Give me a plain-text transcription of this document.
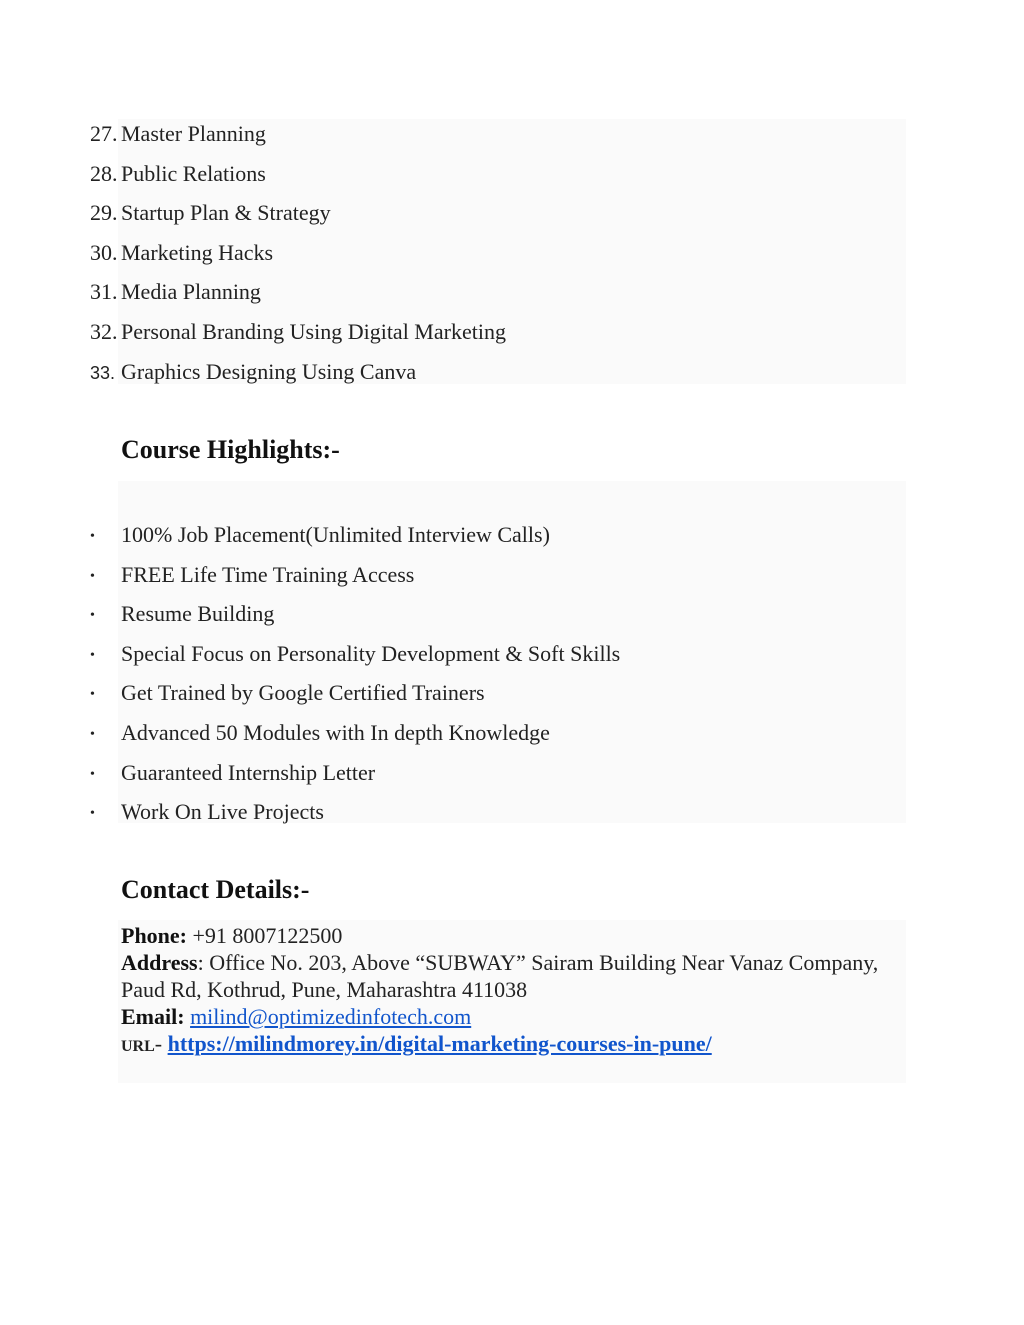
27. Master Planning
28. Public Relations
29. Startup Plan & Strategy
30. Marketing Hacks
31. Media Planning
32. Personal Branding Using Digital Marketing
33. Graphics Designing Using Canva
Course Highlights:-
• 100% Job Placement(Unlimited Interview Calls)
• FREE Life Time Training Access
• Resume Building
• Special Focus on Personality Development & Soft Skills
• Get Trained by Google Certified Trainers
• Advanced 50 Modules with In depth Knowledge
• Guaranteed Internship Letter
• Work On Live Projects
Contact Details:-
Phone: +91 8007122500
Address: Office No. 203, Above “SUBWAY” Sairam Building Near Vanaz Company, Paud Rd, Kothrud, Pune, Maharashtra 411038
Email: milind@optimizedinfotech.com
URL- https://milindmorey.in/digital-marketing-courses-in-pune/
